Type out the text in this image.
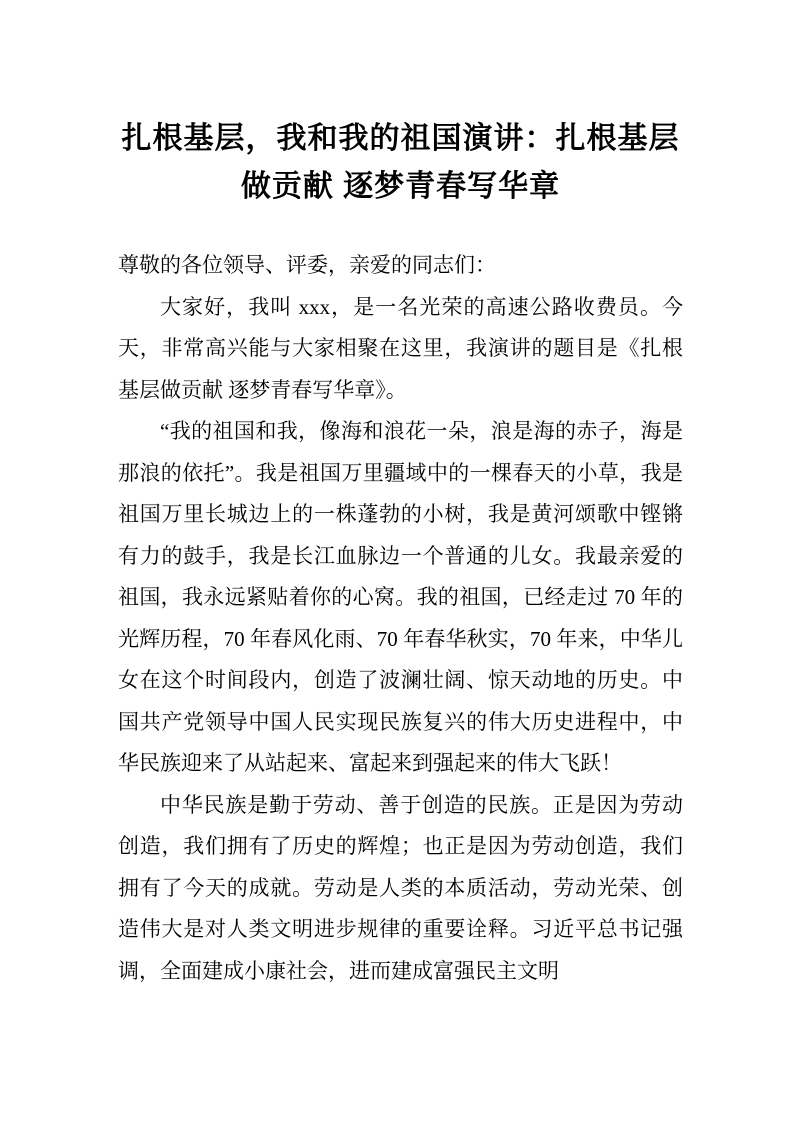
扎根基层，我和我的祖国演讲：扎根基层
做贡献 逐梦青春写华章

尊敬的各位领导、评委，亲爱的同志们：

大家好，我叫 xxx，是一名光荣的高速公路收费员。今天，非常高兴能与大家相聚在这里，我演讲的题目是《扎根基层做贡献 逐梦青春写华章》。

“我的祖国和我，像海和浪花一朵，浪是海的赤子，海是那浪的依托”。我是祖国万里疆域中的一棵春天的小草，我是祖国万里长城边上的一株蓬勃的小树，我是黄河颂歌中铿锵有力的鼓手，我是长江血脉边一个普通的儿女。我最亲爱的祖国，我永远紧贴着你的心窝。我的祖国，已经走过 70 年的光辉历程，70 年春风化雨、70 年春华秋实，70 年来，中华儿女在这个时间段内，创造了波澜壮阔、惊天动地的历史。中国共产党领导中国人民实现民族复兴的伟大历史进程中，中华民族迎来了从站起来、富起来到强起来的伟大飞跃！

中华民族是勤于劳动、善于创造的民族。正是因为劳动创造，我们拥有了历史的辉煌；也正是因为劳动创造，我们拥有了今天的成就。劳动是人类的本质活动，劳动光荣、创造伟大是对人类文明进步规律的重要诠释。习近平总书记强调，全面建成小康社会，进而建成富强民主文明
